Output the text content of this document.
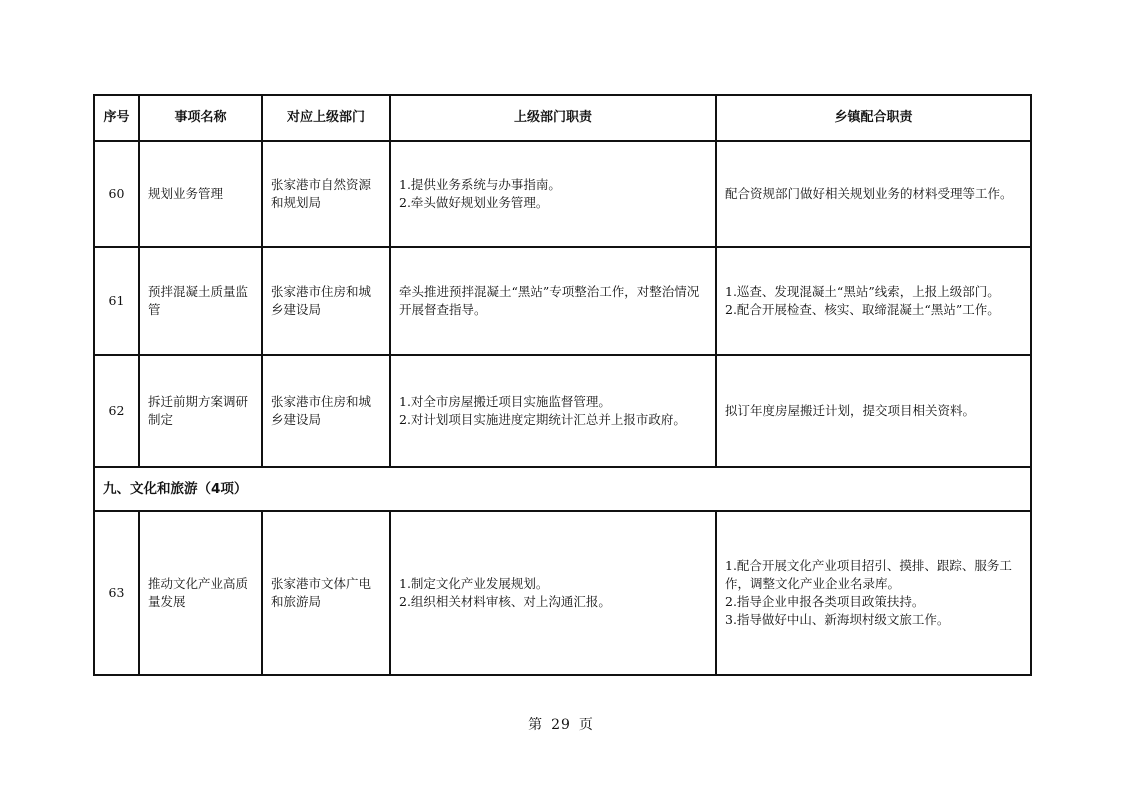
序号	事项名称	对应上级部门	上级部门职责	乡镇配合职责
60	规划业务管理	张家港市自然资源和规划局	1.提供业务系统与办事指南。
2.牵头做好规划业务管理。	配合资规部门做好相关规划业务的材料受理等工作。

61	预拌混凝土质量监管	张家港市住房和城乡建设局	牵头推进预拌混凝土“黑站”专项整治工作，对整治情况开展督查指导。	1.巡查、发现混凝土“黑站”线索，上报上级部门。
2.配合开展检查、核实、取缔混凝土“黑站”工作。

62	拆迁前期方案调研制定	张家港市住房和城乡建设局	1.对全市房屋搬迁项目实施监督管理。
2.对计划项目实施进度定期统计汇总并上报市政府。	拟订年度房屋搬迁计划，提交项目相关资料。

九、文化和旅游（4项）				
63	推动文化产业高质量发展	张家港市文体广电和旅游局	1.制定文化产业发展规划。
2.组织相关材料审核、对上沟通汇报。	1.配合开展文化产业项目招引、摸排、跟踪、服务工作，调整文化产业企业名录库。
2.指导企业申报各类项目政策扶持。
3.指导做好中山、新海坝村级文旅工作。
第 29 页
